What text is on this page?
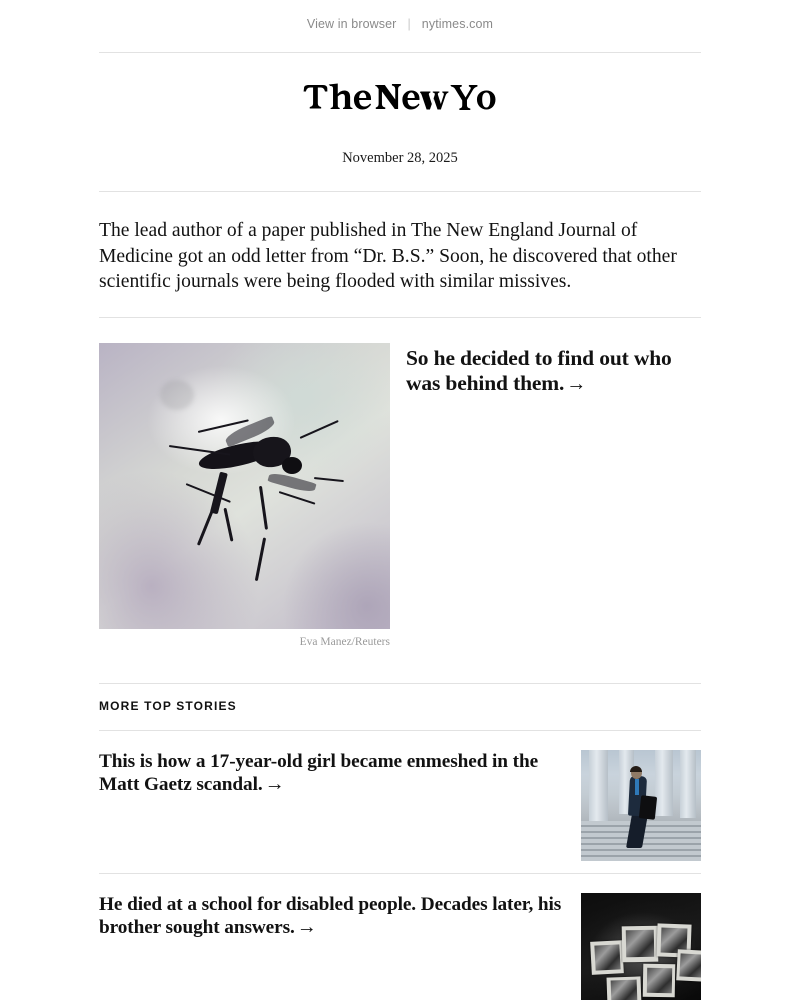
View in browser | nytimes.com
November 28, 2025
The lead author of a paper published in The New England Journal of Medicine got an odd letter from “Dr. B.S.” Soon, he discovered that other scientific journals were being flooded with similar missives.
Eva Manez/Reuters
So he decided to find out who was behind them. →
MORE TOP STORIES
This is how a 17-year-old girl became enmeshed in the Matt Gaetz scandal. →
He died at a school for disabled people. Decades later, his brother sought answers. →
